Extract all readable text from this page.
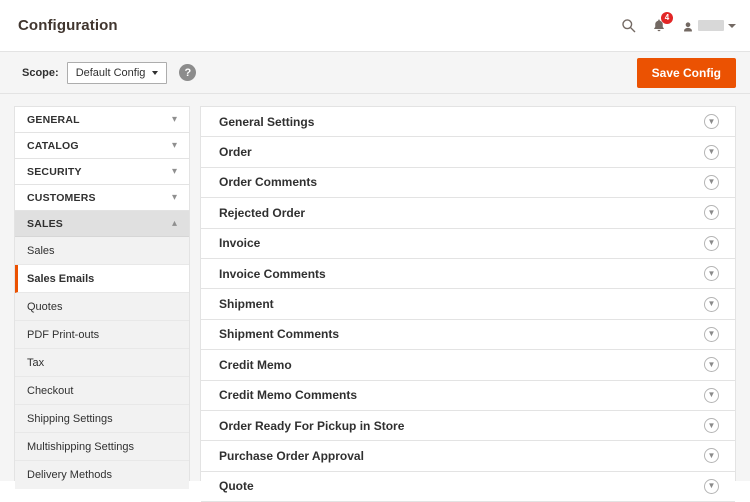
Configuration	4
Scope: Default Config	?	Save Config
GENERAL	▾
CATALOG	▾
SECURITY	▾
CUSTOMERS	▾
SALES	▴
Sales
Sales Emails
Quotes
PDF Print-outs
Tax
Checkout
Shipping Settings
Multishipping Settings
Delivery Methods
General Settings	▼
Order	▼
Order Comments	▼
Rejected Order	▼
Invoice	▼
Invoice Comments	▼
Shipment	▼
Shipment Comments	▼
Credit Memo	▼
Credit Memo Comments	▼
Order Ready For Pickup in Store	▼
Purchase Order Approval	▼
Quote	▼
